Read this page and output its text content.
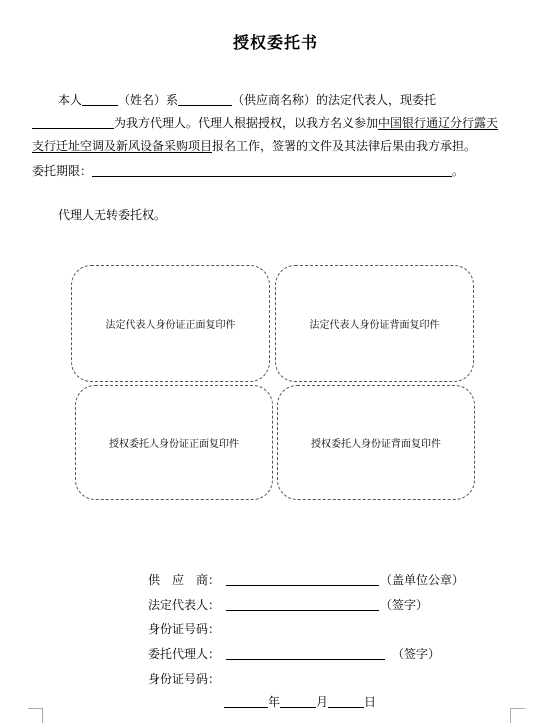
授权委托书
本人	（姓名）系	（供应商名称）的法定代表人，现委托
为我方代理人。代理人根据授权，以我方名义参加中国银行通辽分行露天
支行迁址空调及新风设备采购项目报名工作，签署的文件及其法律后果由我方承担。
委托期限：	。
代理人无转委托权。
法定代表人身份证正面复印件	法定代表人身份证背面复印件
授权委托人身份证正面复印件	授权委托人身份证背面复印件
供　应　商：	（盖单位公章）
法定代表人：	（签字）
身份证号码：
委托代理人：	（签字）
身份证号码：
年	月	日
